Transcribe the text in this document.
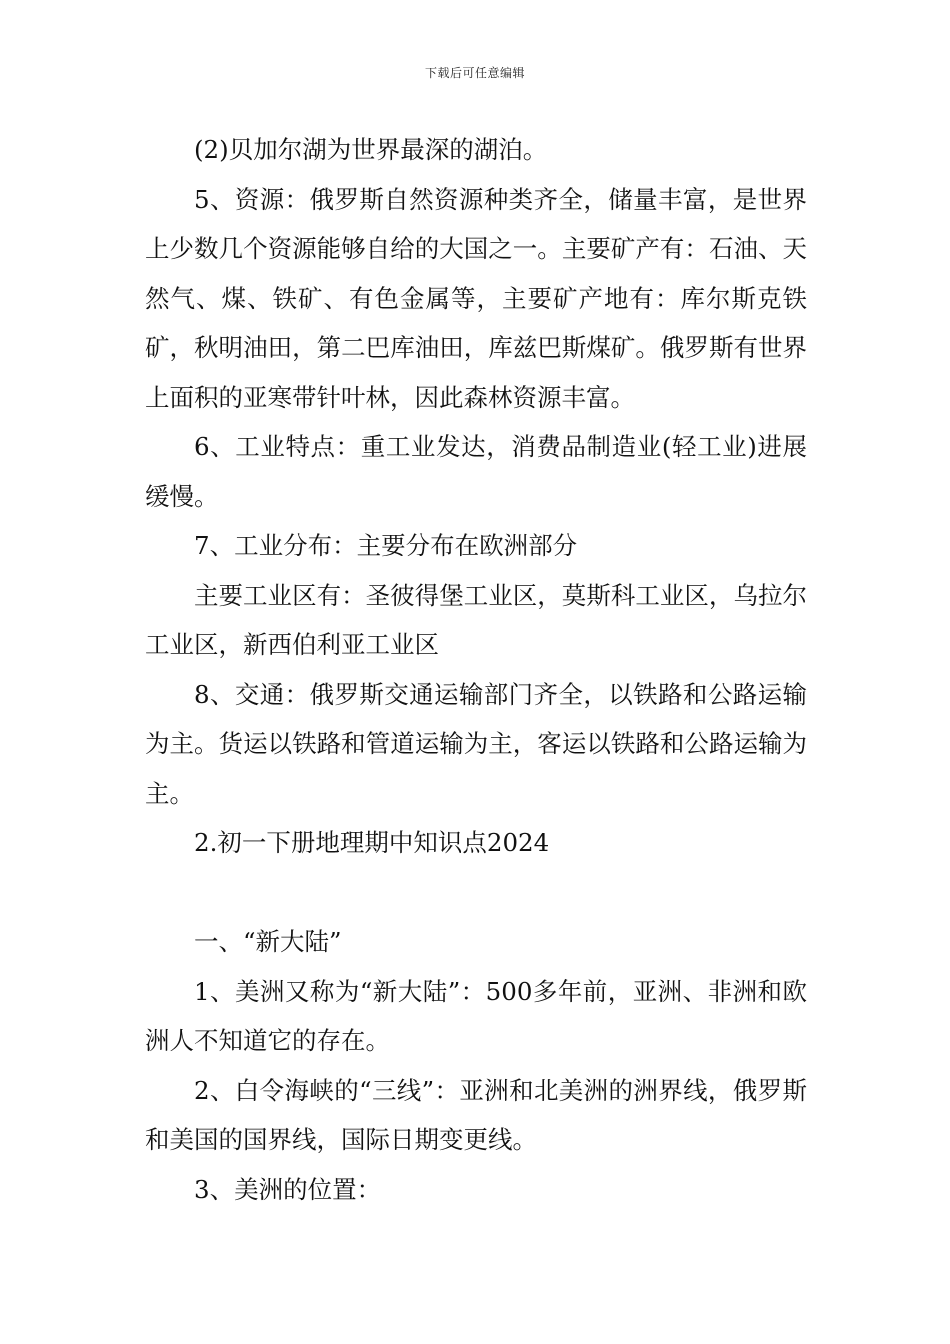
下载后可任意编辑

(2)贝加尔湖为世界最深的湖泊。

5、资源：俄罗斯自然资源种类齐全，储量丰富，是世界上少数几个资源能够自给的大国之一。主要矿产有：石油、天然气、煤、铁矿、有色金属等，主要矿产地有：库尔斯克铁矿，秋明油田，第二巴库油田，库兹巴斯煤矿。俄罗斯有世界上面积的亚寒带针叶林，因此森林资源丰富。

6、工业特点：重工业发达，消费品制造业(轻工业)进展缓慢。

7、工业分布：主要分布在欧洲部分

主要工业区有：圣彼得堡工业区，莫斯科工业区，乌拉尔工业区，新西伯利亚工业区

8、交通：俄罗斯交通运输部门齐全，以铁路和公路运输为主。货运以铁路和管道运输为主，客运以铁路和公路运输为主。

2.初一下册地理期中知识点2024

一、“新大陆”

1、美洲又称为“新大陆”：500多年前，亚洲、非洲和欧洲人不知道它的存在。

2、白令海峡的“三线”：亚洲和北美洲的洲界线，俄罗斯和美国的国界线，国际日期变更线。

3、美洲的位置：
